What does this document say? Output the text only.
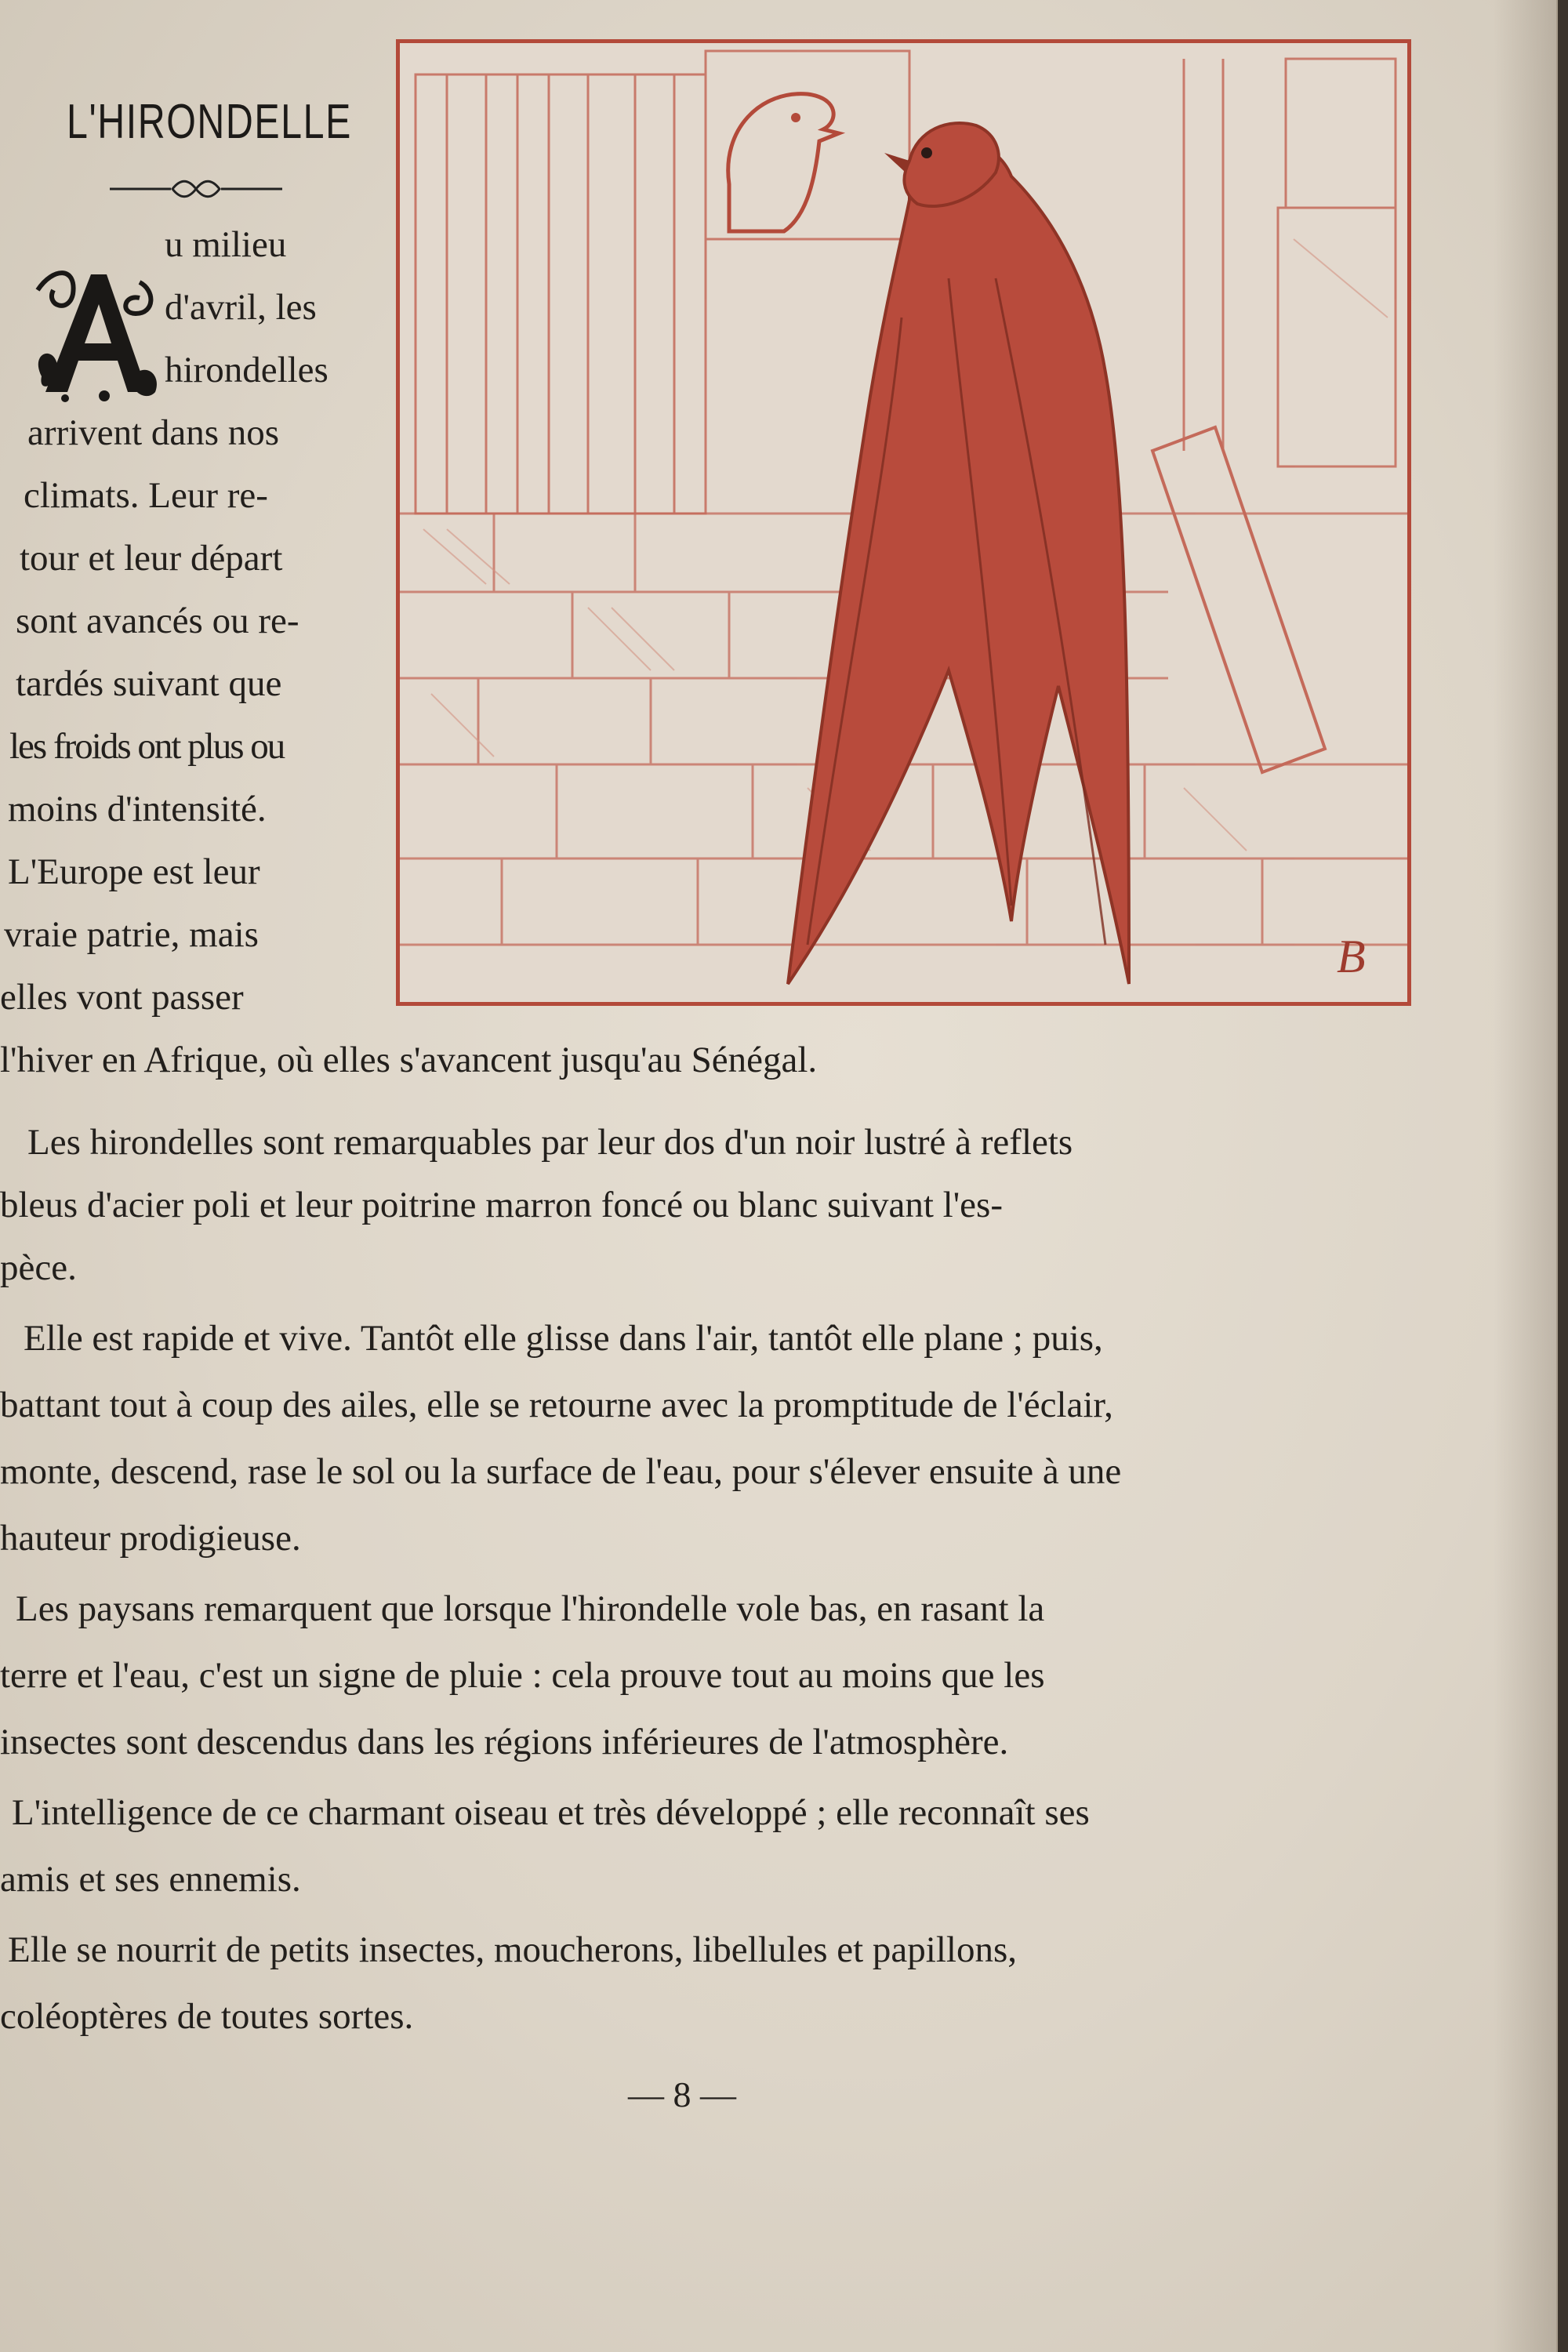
L'HIRONDELLE
u milieu
d'avril, les
hirondelles
arrivent dans nos
climats. Leur re-
tour et leur départ
sont avancés ou re-
tardés suivant que
les froids ont plus ou
moins d'intensité.
L'Europe est leur
vraie patrie, mais
elles vont passer
B
l'hiver en Afrique, où elles s'avancent jusqu'au Sénégal.
Les hirondelles sont remarquables par leur dos d'un noir lustré à reflets
bleus d'acier poli et leur poitrine marron foncé ou blanc suivant l'es-
pèce.
Elle est rapide et vive. Tantôt elle glisse dans l'air, tantôt elle plane ; puis,
battant tout à coup des ailes, elle se retourne avec la promptitude de l'éclair,
monte, descend, rase le sol ou la surface de l'eau, pour s'élever ensuite à une
hauteur prodigieuse.
Les paysans remarquent que lorsque l'hirondelle vole bas, en rasant la
terre et l'eau, c'est un signe de pluie : cela prouve tout au moins que les
insectes sont descendus dans les régions inférieures de l'atmosphère.
L'intelligence de ce charmant oiseau et très développé ; elle reconnaît ses
amis et ses ennemis.
Elle se nourrit de petits insectes, moucherons, libellules et papillons,
coléoptères de toutes sortes.
— 8 —
